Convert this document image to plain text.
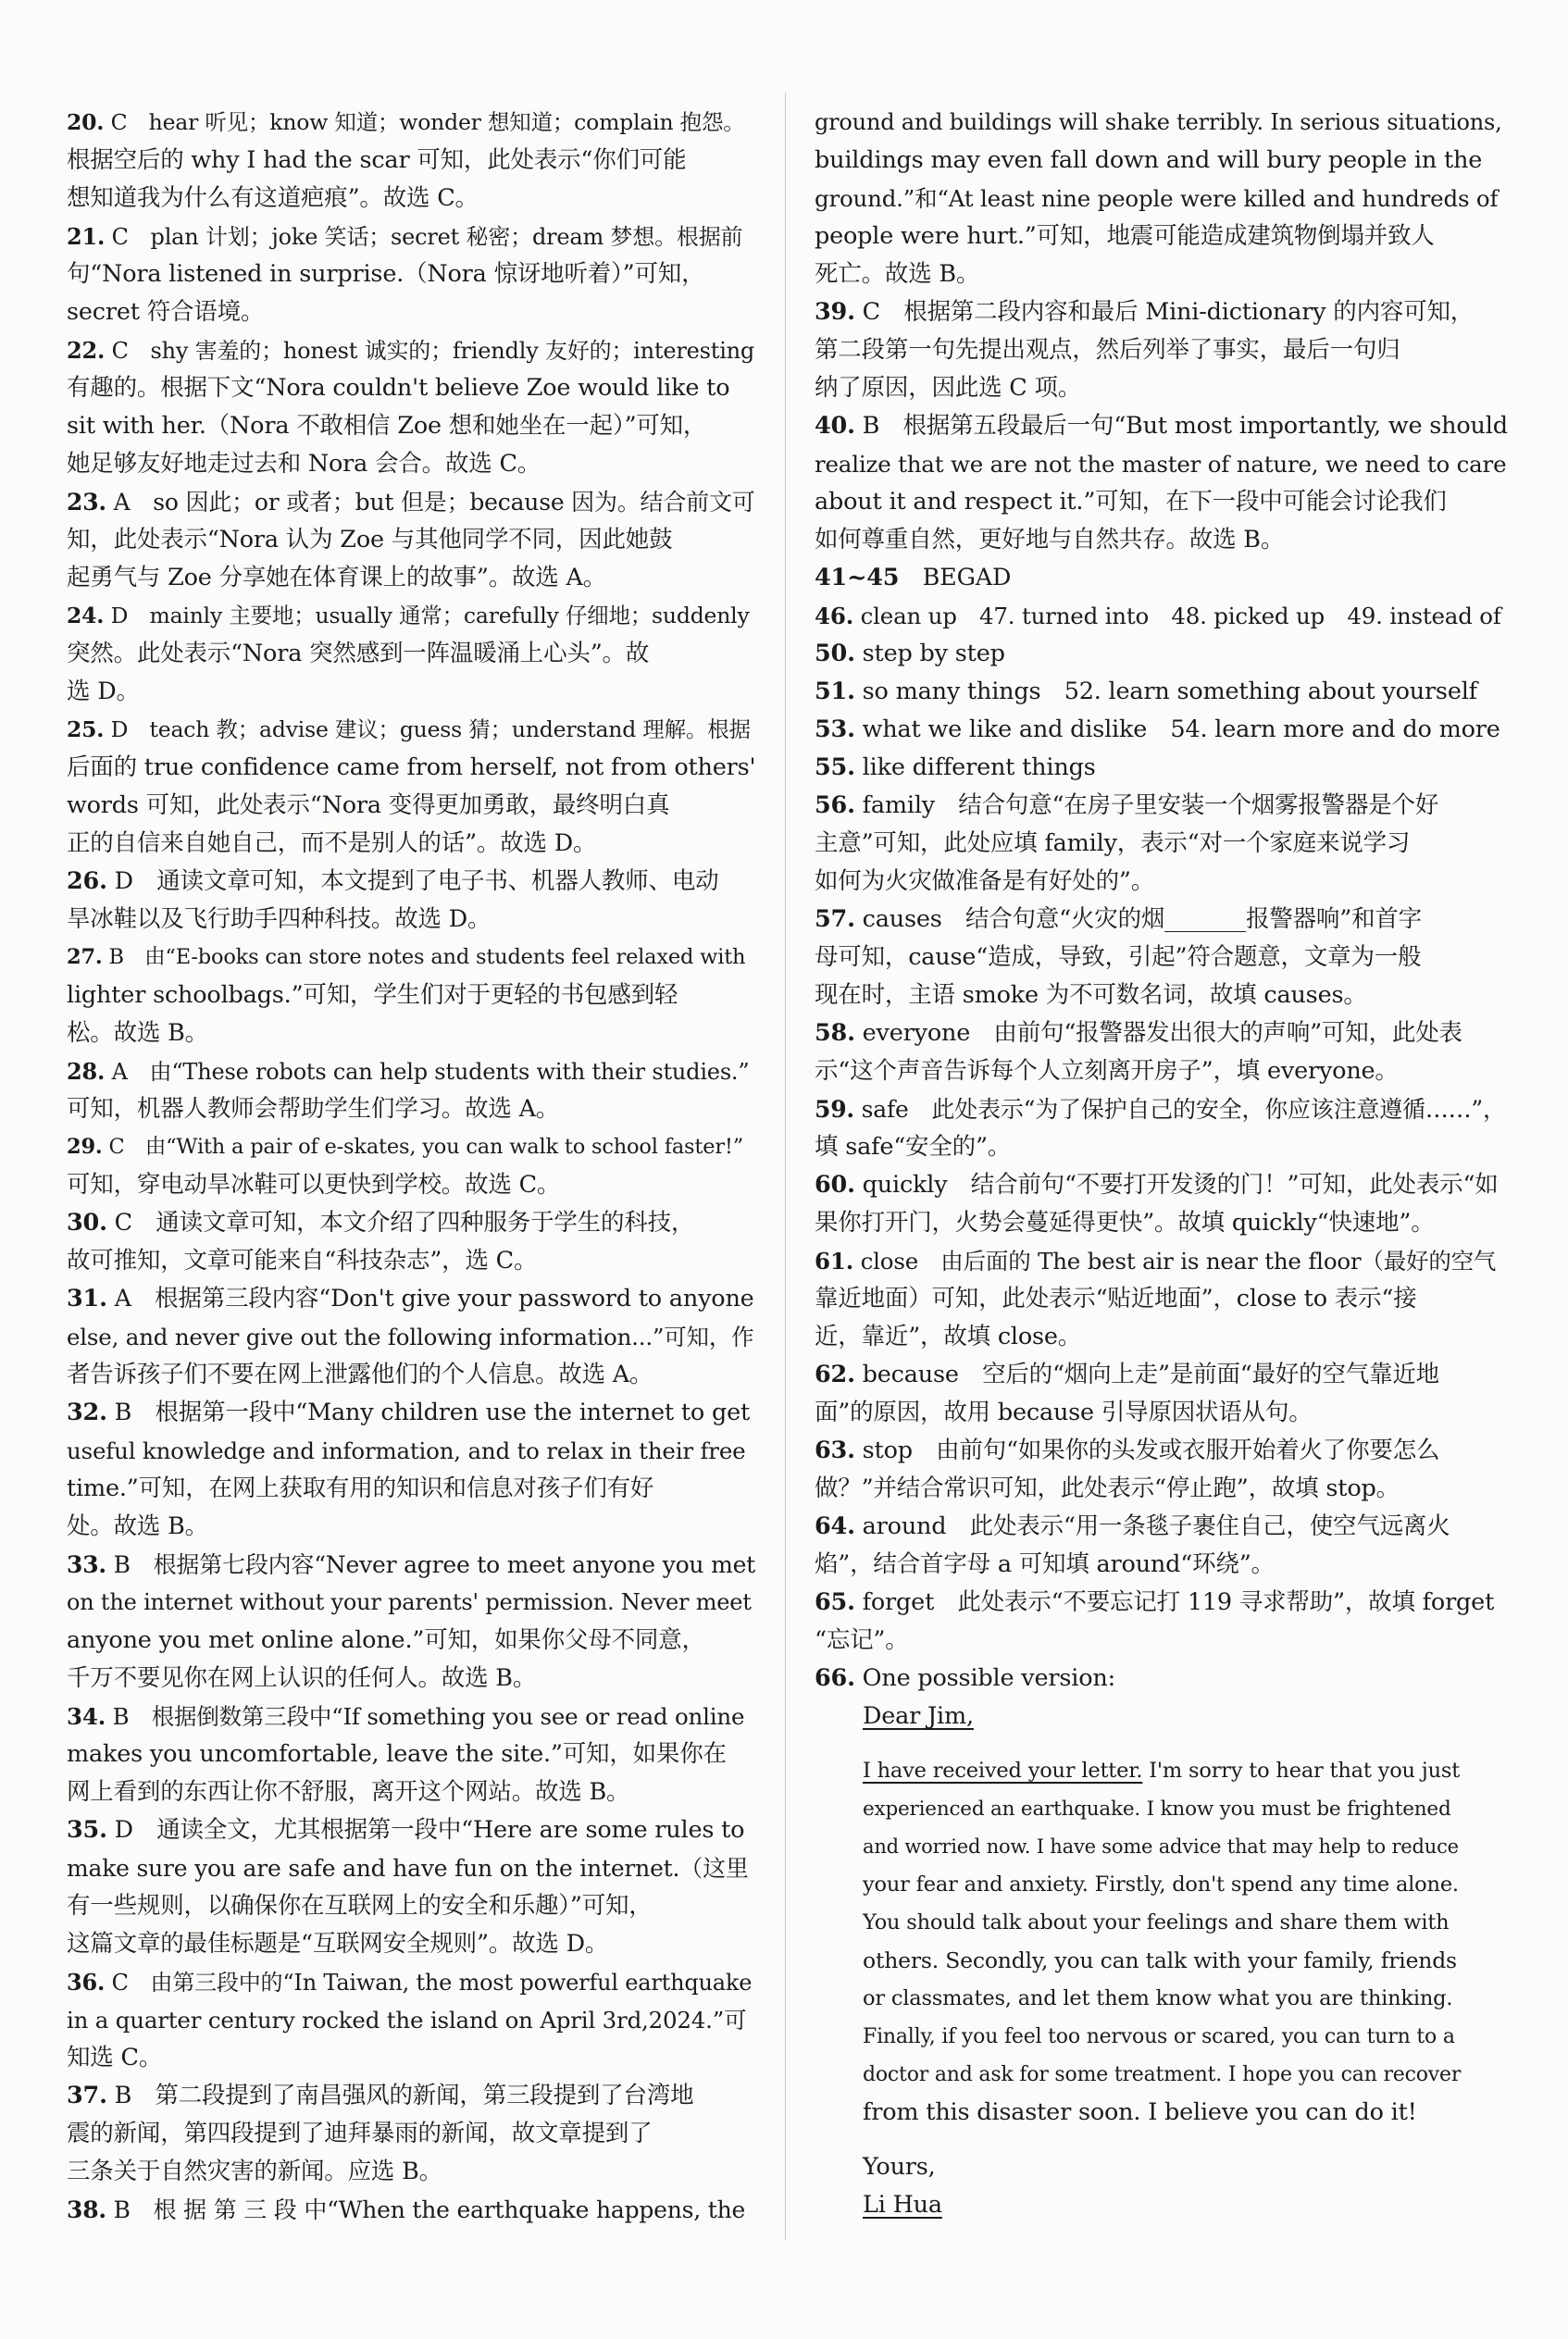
20. C　hear 听见；know 知道；wonder 想知道；complain 抱怨。
根据空后的 why I had the scar 可知，此处表示“你们可能
想知道我为什么有这道疤痕”。故选 C。
21. C　plan 计划；joke 笑话；secret 秘密；dream 梦想。根据前
句“Nora listened in surprise.（Nora 惊讶地听着）”可知，
secret 符合语境。
22. C　shy 害羞的；honest 诚实的；friendly 友好的；interesting
有趣的。根据下文“Nora couldn't believe Zoe would like to
sit with her.（Nora 不敢相信 Zoe 想和她坐在一起）”可知，
她足够友好地走过去和 Nora 会合。故选 C。
23. A　so 因此；or 或者；but 但是；because 因为。结合前文可
知，此处表示“Nora 认为 Zoe 与其他同学不同，因此她鼓
起勇气与 Zoe 分享她在体育课上的故事”。故选 A。
24. D　mainly 主要地；usually 通常；carefully 仔细地；suddenly
突然。此处表示“Nora 突然感到一阵温暖涌上心头”。故
选 D。
25. D　teach 教；advise 建议；guess 猜；understand 理解。根据
后面的 true confidence came from herself, not from others'
words 可知，此处表示“Nora 变得更加勇敢，最终明白真
正的自信来自她自己，而不是别人的话”。故选 D。
26. D　通读文章可知，本文提到了电子书、机器人教师、电动
旱冰鞋以及飞行助手四种科技。故选 D。
27. B　由“E-books can store notes and students feel relaxed with
lighter schoolbags.”可知，学生们对于更轻的书包感到轻
松。故选 B。
28. A　由“These robots can help students with their studies.”
可知，机器人教师会帮助学生们学习。故选 A。
29. C　由“With a pair of e-skates, you can walk to school faster!”
可知，穿电动旱冰鞋可以更快到学校。故选 C。
30. C　通读文章可知，本文介绍了四种服务于学生的科技，
故可推知，文章可能来自“科技杂志”，选 C。
31. A　根据第三段内容“Don't give your password to anyone
else, and never give out the following information...”可知，作
者告诉孩子们不要在网上泄露他们的个人信息。故选 A。
32. B　根据第一段中“Many children use the internet to get
useful knowledge and information, and to relax in their free
time.”可知，在网上获取有用的知识和信息对孩子们有好
处。故选 B。
33. B　根据第七段内容“Never agree to meet anyone you met
on the internet without your parents' permission. Never meet
anyone you met online alone.”可知，如果你父母不同意，
千万不要见你在网上认识的任何人。故选 B。
34. B　根据倒数第三段中“If something you see or read online
makes you uncomfortable, leave the site.”可知，如果你在
网上看到的东西让你不舒服，离开这个网站。故选 B。
35. D　通读全文，尤其根据第一段中“Here are some rules to
make sure you are safe and have fun on the internet.（这里
有一些规则，以确保你在互联网上的安全和乐趣）”可知，
这篇文章的最佳标题是“互联网安全规则”。故选 D。
36. C　由第三段中的“In Taiwan, the most powerful earthquake
in a quarter century rocked the island on April 3rd,2024.”可
知选 C。
37. B　第二段提到了南昌强风的新闻，第三段提到了台湾地
震的新闻，第四段提到了迪拜暴雨的新闻，故文章提到了
三条关于自然灾害的新闻。应选 B。
38. B　根 据 第 三 段 中“When the earthquake happens, the
ground and buildings will shake terribly. In serious situations,
buildings may even fall down and will bury people in the
ground.”和“At least nine people were killed and hundreds of
people were hurt.”可知，地震可能造成建筑物倒塌并致人
死亡。故选 B。
39. C　根据第二段内容和最后 Mini-dictionary 的内容可知，
第二段第一句先提出观点，然后列举了事实，最后一句归
纳了原因，因此选 C 项。
40. B　根据第五段最后一句“But most importantly, we should
realize that we are not the master of nature, we need to care
about it and respect it.”可知，在下一段中可能会讨论我们
如何尊重自然，更好地与自然共存。故选 B。
41~45　BEGAD
46. clean up　47. turned into　48. picked up　49. instead of
50. step by step
51. so many things　52. learn something about yourself
53. what we like and dislike　54. learn more and do more
55. like different things
56. family　结合句意“在房子里安装一个烟雾报警器是个好
主意”可知，此处应填 family，表示“对一个家庭来说学习
如何为火灾做准备是有好处的”。
57. causes　结合句意“火灾的烟_______报警器响”和首字
母可知，cause“造成，导致，引起”符合题意，文章为一般
现在时，主语 smoke 为不可数名词，故填 causes。
58. everyone　由前句“报警器发出很大的声响”可知，此处表
示“这个声音告诉每个人立刻离开房子”，填 everyone。
59. safe　此处表示“为了保护自己的安全，你应该注意遵循……”，
填 safe“安全的”。
60. quickly　结合前句“不要打开发烫的门！”可知，此处表示“如
果你打开门，火势会蔓延得更快”。故填 quickly“快速地”。
61. close　由后面的 The best air is near the floor（最好的空气
靠近地面）可知，此处表示“贴近地面”，close to 表示“接
近，靠近”，故填 close。
62. because　空后的“烟向上走”是前面“最好的空气靠近地
面”的原因，故用 because 引导原因状语从句。
63. stop　由前句“如果你的头发或衣服开始着火了你要怎么
做？”并结合常识可知，此处表示“停止跑”，故填 stop。
64. around　此处表示“用一条毯子裹住自己，使空气远离火
焰”，结合首字母 a 可知填 around“环绕”。
65. forget　此处表示“不要忘记打 119 寻求帮助”，故填 forget
“忘记”。
66. One possible version:
Dear Jim,
I have received your letter. I'm sorry to hear that you just
experienced an earthquake. I know you must be frightened
and worried now. I have some advice that may help to reduce
your fear and anxiety. Firstly, don't spend any time alone.
You should talk about your feelings and share them with
others. Secondly, you can talk with your family, friends
or classmates, and let them know what you are thinking.
Finally, if you feel too nervous or scared, you can turn to a
doctor and ask for some treatment. I hope you can recover
from this disaster soon. I believe you can do it!
Yours,
Li Hua
